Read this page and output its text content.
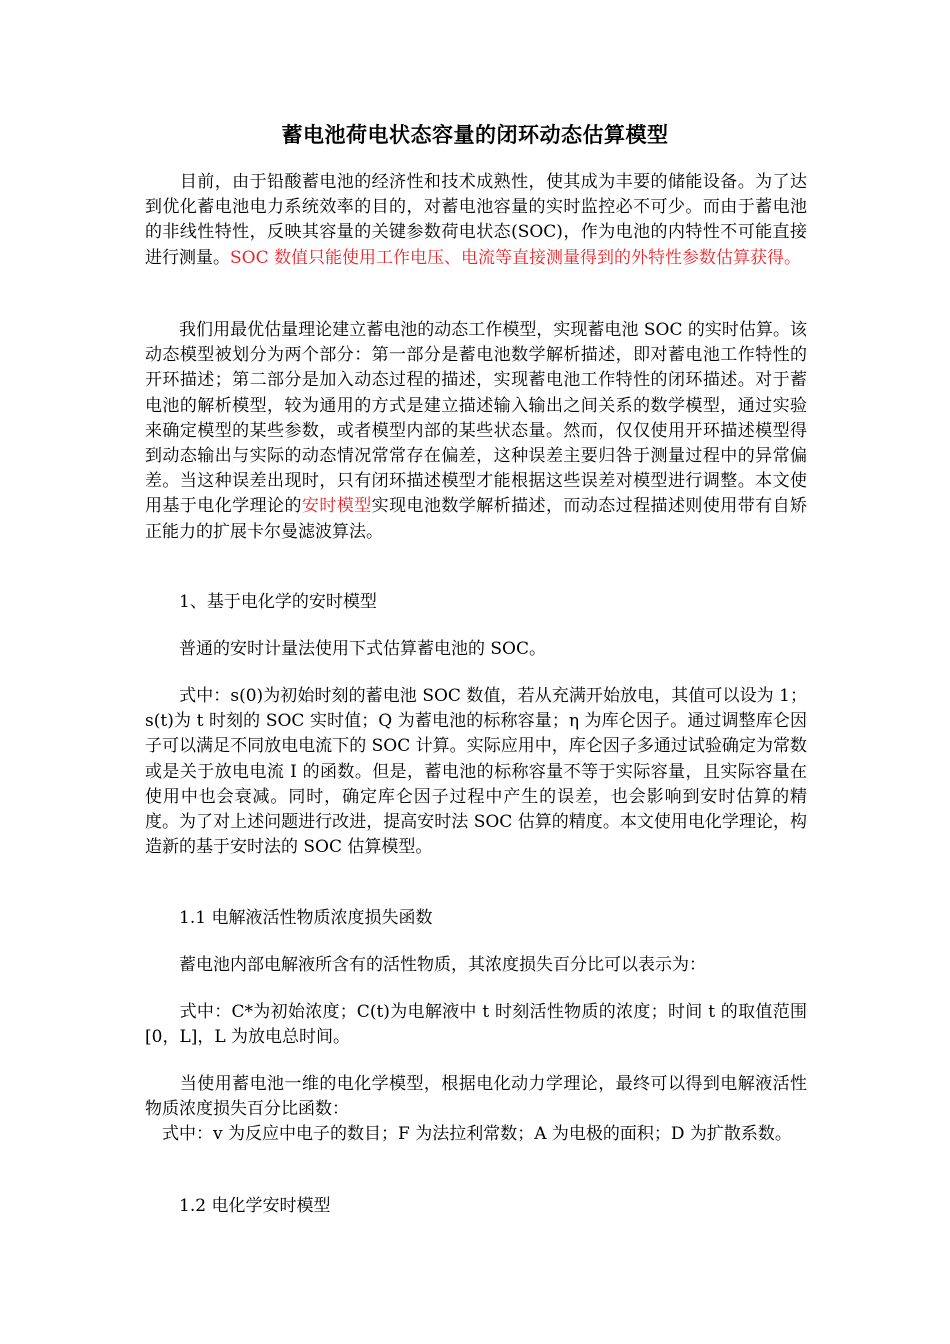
蓄电池荷电状态容量的闭环动态估算模型

　　目前，由于铅酸蓄电池的经济性和技术成熟性，使其成为丰要的储能设备。为了达到优化蓄电池电力系统效率的目的，对蓄电池容量的实时监控必不可少。而由于蓄电池的非线性特性，反映其容量的关键参数荷电状态(SOC)，作为电池的内特性不可能直接进行测量。SOC 数值只能使用工作电压、电流等直接测量得到的外特性参数估算获得。

　　我们用最优估量理论建立蓄电池的动态工作模型，实现蓄电池 SOC 的实时估算。该动态模型被划分为两个部分：第一部分是蓄电池数学解析描述，即对蓄电池工作特性的开环描述；第二部分是加入动态过程的描述，实现蓄电池工作特性的闭环描述。对于蓄电池的解析模型，较为通用的方式是建立描述输入输出之间关系的数学模型，通过实验来确定模型的某些参数，或者模型内部的某些状态量。然而，仅仅使用开环描述模型得到动态输出与实际的动态情况常常存在偏差，这种误差主要归咎于测量过程中的异常偏差。当这种误差出现时，只有闭环描述模型才能根据这些误差对模型进行调整。本文使用基于电化学理论的安时模型实现电池数学解析描述，而动态过程描述则使用带有自矫正能力的扩展卡尔曼滤波算法。

　　1、基于电化学的安时模型

　　普通的安时计量法使用下式估算蓄电池的 SOC。

　　式中：s(0)为初始时刻的蓄电池 SOC 数值，若从充满开始放电，其值可以设为 1；s(t)为 t 时刻的 SOC 实时值；Q 为蓄电池的标称容量；η 为库仑因子。通过调整库仑因子可以满足不同放电电流下的 SOC 计算。实际应用中，库仑因子多通过试验确定为常数或是关于放电电流 I 的函数。但是，蓄电池的标称容量不等于实际容量，且实际容量在使用中也会衰减。同时，确定库仑因子过程中产生的误差，也会影响到安时估算的精度。为了对上述问题进行改进，提高安时法 SOC 估算的精度。本文使用电化学理论，构造新的基于安时法的 SOC 估算模型。

　　1.1 电解液活性物质浓度损失函数

　　蓄电池内部电解液所含有的活性物质，其浓度损失百分比可以表示为：

　　式中：C*为初始浓度；C(t)为电解液中 t 时刻活性物质的浓度；时间 t 的取值范围[0，L]，L 为放电总时间。

　　当使用蓄电池一维的电化学模型，根据电化动力学理论，最终可以得到电解液活性物质浓度损失百分比函数：

　式中：v 为反应中电子的数目；F 为法拉利常数；A 为电极的面积；D 为扩散系数。

　　1.2 电化学安时模型
